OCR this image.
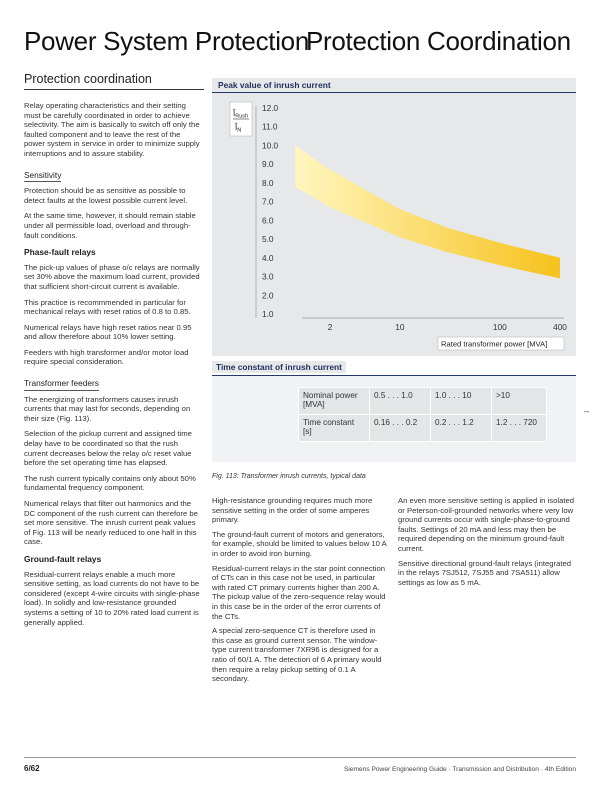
Power System Protection
Protection Coordination
Protection coordination

Relay operating characteristics and their setting must be carefully coordinated in order to achieve selectivity. The aim is basically to switch off only the faulted component and to leave the rest of the power system in service in order to minimize supply interruptions and to assure stability.

Sensitivity

Protection should be as sensitive as possible to detect faults at the lowest possible current level.

At the same time, however, it should remain stable under all permissible load, overload and through-fault conditions.

Phase-fault relays

The pick-up values of phase o/c relays are normally set 30% above the maximum load current, provided that sufficient short-circuit current is available.

This practice is recommmended in particular for mechanical relays with reset ratios of 0.8 to 0.85.

Numerical relays have high reset ratios near 0.95 and allow therefore about 10% lower setting.

Feeders with high transformer and/or motor load require special consideration.

Transformer feeders

The energizing of transformers causes inrush currents that may last for seconds, depending on their size (Fig. 113).

Selection of the pickup current and assigned time delay have to be coordinated so that the rush current decreases below the relay o/c reset value before the set operating time has elapsed.

The rush current typically contains only about 50% fundamental frequency component.

Numerical relays that filter out harmonics and the DC component of the rush current can therefore be set more sensitive. The inrush current peak values of Fig. 113 will be nearly reduced to one half in this case.

Ground-fault relays

Residual-current relays enable a much more sensitive setting, as load currents do not have to be considered (except 4-wire circuits with single-phase load). In solidly and low-resistance grounded systems a setting of 10 to 20% rated load current is generally applied.

Peak value of inrush current
1.0
2.0
3.0
4.0
5.0
6.0
7.0
8.0
9.0
10.0
11.0
12.0
ÎRush
ÎN
2	10	100	400
Rated transformer power [MVA]
Time constant of inrush current
Nominal power [MVA]	0.5 . . . 1.0	1.0 . . . 10	>10
Time constant [s]	0.16 . . . 0.2	0.2 . . . 1.2	1.2 . . . 720
–
Fig. 113: Transformer inrush currents, typical data

High-resistance grounding requires much more sensitive setting in the order of some amperes primary.

The ground-fault current of motors and generators, for example, should be limited to values below 10 A in order to avoid iron burning.

Residual-current relays in the star point connection of CTs can in this case not be used, in particular with rated CT primary currents higher than 200 A. The pickup value of the zero-sequence relay would in this case be in the order of the error currents of the CTs.

A special zero-sequence CT is therefore used in this case as ground current sensor. The window-type current transformer 7XR96 is designed for a ratio of 60/1 A. The detection of 6 A primary would then require a relay pickup setting of 0.1 A secondary.

An even more sensitive setting is applied in isolated or Peterson-coil-grounded networks where very low ground currents occur with single-phase-to-ground faults. Settings of 20 mA and less may then be required depending on the minimum ground-fault current.

Sensitive directional ground-fault relays (integrated in the relays 7SJ512, 7SJ55 and 7SA511) allow settings as low as 5 mA.

6/62	Siemens Power Engineering Guide · Transmission and Distribution · 4th Edition
